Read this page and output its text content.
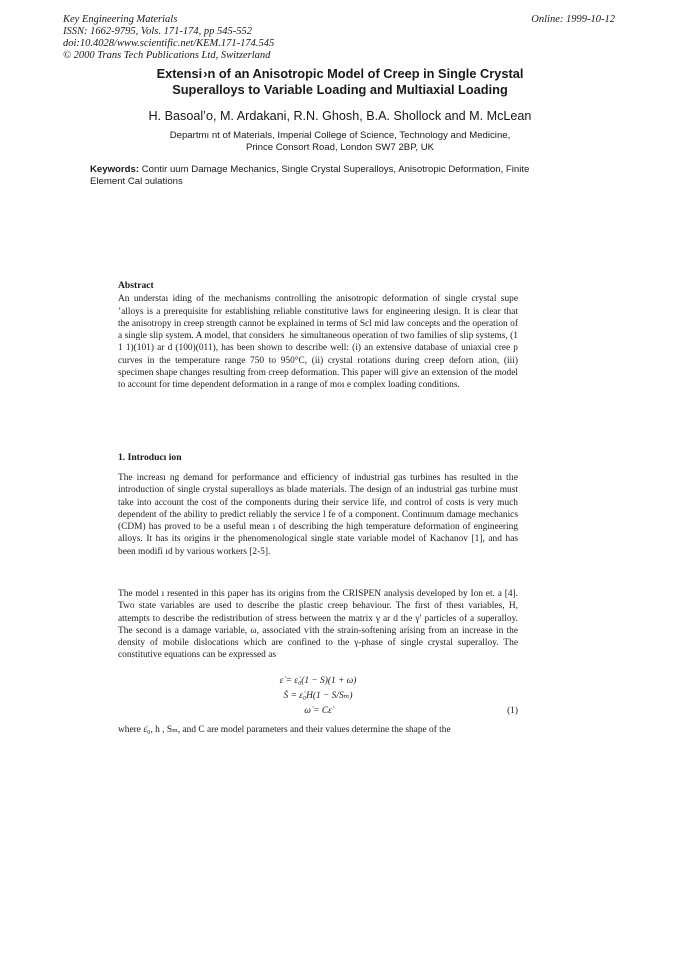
Key Engineering Materials
ISSN: 1662-9795, Vols. 171-174, pp 545-552
doi:10.4028/www.scientific.net/KEM.171-174.545
© 2000 Trans Tech Publications Ltd, Switzerland
Online: 1999-10-12
Extensi ›n of an Anisotropic Model of Creep in Single Crystal
Superalloys to Variable Loading and Multiaxial Loading
H. Basoal’o, M. Ardakani, R.N. Ghosh, B.A. Shollock and M. McLean
Departmı nt of Materials, Imperial College of Science, Technology and Medicine,
Prince Consort Road, London SW7 2BP, UK
Keywords: Contir uum Damage Mechanics, Single Crystal Superalloys, Anisotropic Deformation, Finite Element Cal ɔulations
Abstract

An understaı iding of the mechanisms controlling the anisotropic deformation of single crystal supe ’alloys is a prerequisite for establishing reliable constitutive laws for engineering ılesign. It is clear that the anisotropy in creep strength cannot be explained in terms of Scl mid law concepts and the operation of a single slip system. A model, that considers  he simultaneous operation of two families of slip systems, (1 1 1)(101) ar d (100)(011), has been shown to describe well: (i) an extensive database of uniaxial cree p curves in the temperature range 750 to 950°C, (ii) crystal rotations during creep deforn ation, (iii) specimen shape changes resulting from creep deformation. This paper will giѵe an extension of the model to account for time dependent deformation in a range of moı e complex loading conditions.

1. Introducı ion

The increası ng demand for performance and efficiency of industrial gas turbines has resulted in tlıe introduction of single crystal superalloys as blade materials. The design of an industrial gas turbine must take into account the cost of the components during their service life, ınd control of costs is very much dependent of the ability to predict reliably the service l fe of a component. Continuum damage mechanics (CDM) has proved to be a useful mean ı of describing the high temperature deformation of engineering alloys. It has its origins ir the phenomenological single state variable model of Kachanov [1], and has been modifi ıd by various workers [2-5].

The model ı resented in this paper has its origins from the CRISPEN analysis developed by Ion et. a [4]. Two state variables are used to describe the plastic creep behaviour. The first of thesı variables, H, attempts to describe the redistribution of stress between the matrix γ ar d the γ′ particles of a superalloy. The second is a damage variable, ω, associated ѵith the strain-softening arising from an increase in the density of mobile dislocations which are confined to the γ-phase of single crystal superalloy. The constitutive equations can be expressed as

ε̇ = ε̇₀(1 − S)(1 + ω)
Ṡ = ε̇₀H(1 − S/Sₘ)
ω̇ = Cε̇	(1)
where ε̇₀, h , Sₘ, and C are model parameters and their values determine the shape of the
